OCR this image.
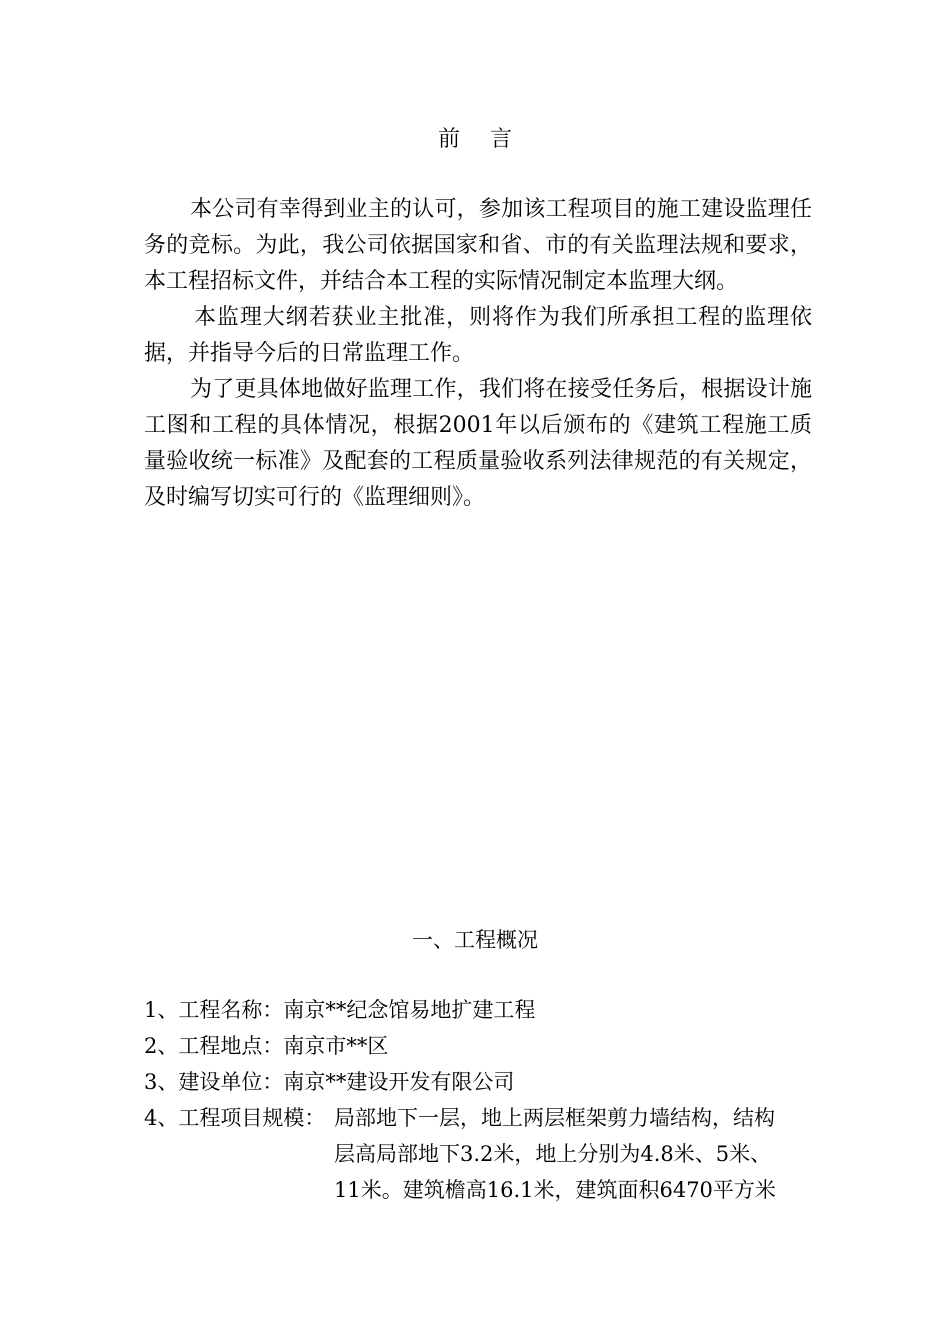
前 言

本公司有幸得到业主的认可，参加该工程项目的施工建设监理任务的竞标。为此，我公司依据国家和省、市的有关监理法规和要求，本工程招标文件，并结合本工程的实际情况制定本监理大纲。

本监理大纲若获业主批准，则将作为我们所承担工程的监理依据，并指导今后的日常监理工作。

为了更具体地做好监理工作，我们将在接受任务后，根据设计施工图和工程的具体情况，根据2001年以后颁布的《建筑工程施工质量验收统一标准》及配套的工程质量验收系列法律规范的有关规定，及时编写切实可行的《监理细则》。

一、工程概况
1、工程名称： 南京**纪念馆易地扩建工程
2、工程地点： 南京市**区
3、建设单位： 南京**建设开发有限公司
4、工程项目规模： 局部地下一层，地上两层框架剪力墙结构，结构
层高局部地下3.2米，地上分别为4.8米、5米、
11米。建筑檐高16.1米，建筑面积6470平方米
